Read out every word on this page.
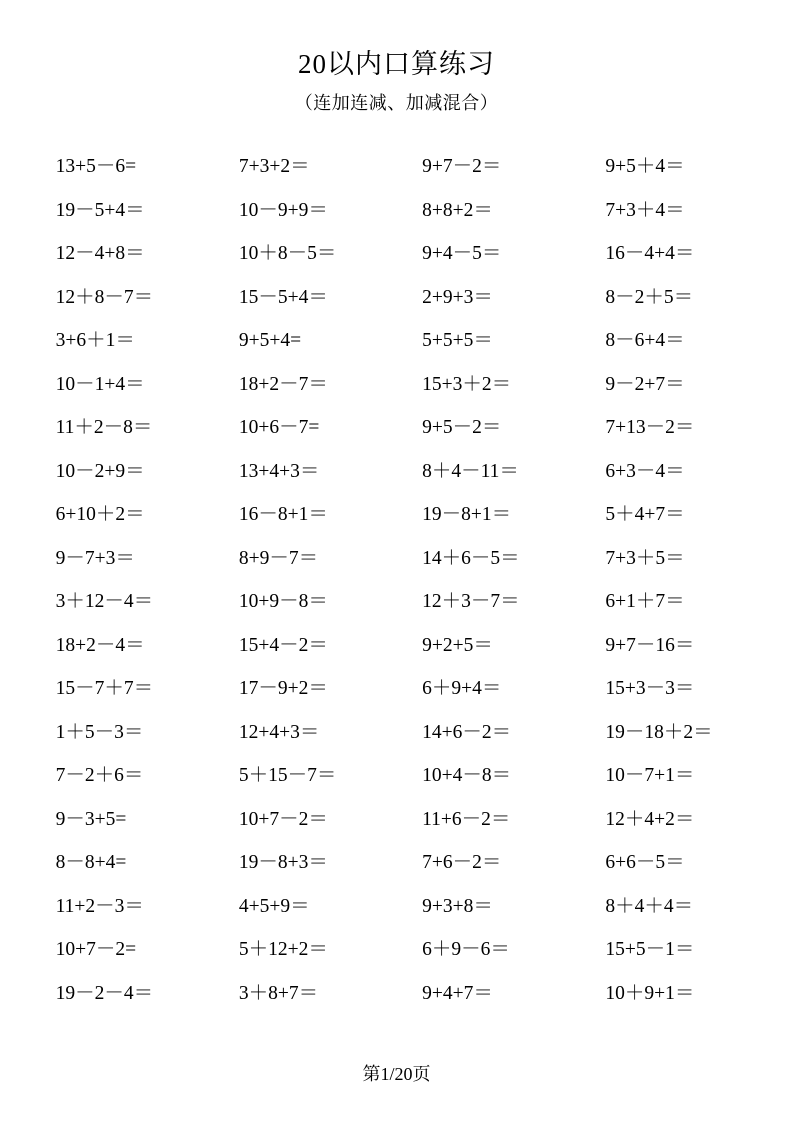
20以内口算练习
（连加连减、加减混合）
13+5－6=	7+3+2＝	9+7－2＝	9+5＋4＝
19－5+4＝	10－9+9＝	8+8+2＝	7+3＋4＝
12－4+8＝	10＋8－5＝	9+4－5＝	16－4+4＝
12＋8－7＝	15－5+4＝	2+9+3＝	8－2＋5＝
3+6＋1＝	9+5+4=	5+5+5＝	8－6+4＝
10－1+4＝	18+2－7＝	15+3＋2＝	9－2+7＝
11＋2－8＝	10+6－7=	9+5－2＝	7+13－2＝
10－2+9＝	13+4+3＝	8＋4－11＝	6+3－4＝
6+10＋2＝	16－8+1＝	19－8+1＝	5＋4+7＝
9－7+3＝	8+9－7＝	14＋6－5＝	7+3＋5＝
3＋12－4＝	10+9－8＝	12＋3－7＝	6+1＋7＝
18+2－4＝	15+4－2＝	9+2+5＝	9+7－16＝
15－7＋7＝	17－9+2＝	6＋9+4＝	15+3－3＝
1＋5－3＝	12+4+3＝	14+6－2＝	19－18＋2＝
7－2＋6＝	5＋15－7＝	10+4－8＝	10－7+1＝
9－3+5=	10+7－2＝	11+6－2＝	12＋4+2＝
8－8+4=	19－8+3＝	7+6－2＝	6+6－5＝
11+2－3＝	4+5+9＝	9+3+8＝	8＋4＋4＝
10+7－2=	5＋12+2＝	6＋9－6＝	15+5－1＝
19－2－4＝	3＋8+7＝	9+4+7＝	10＋9+1＝
第1/20页
